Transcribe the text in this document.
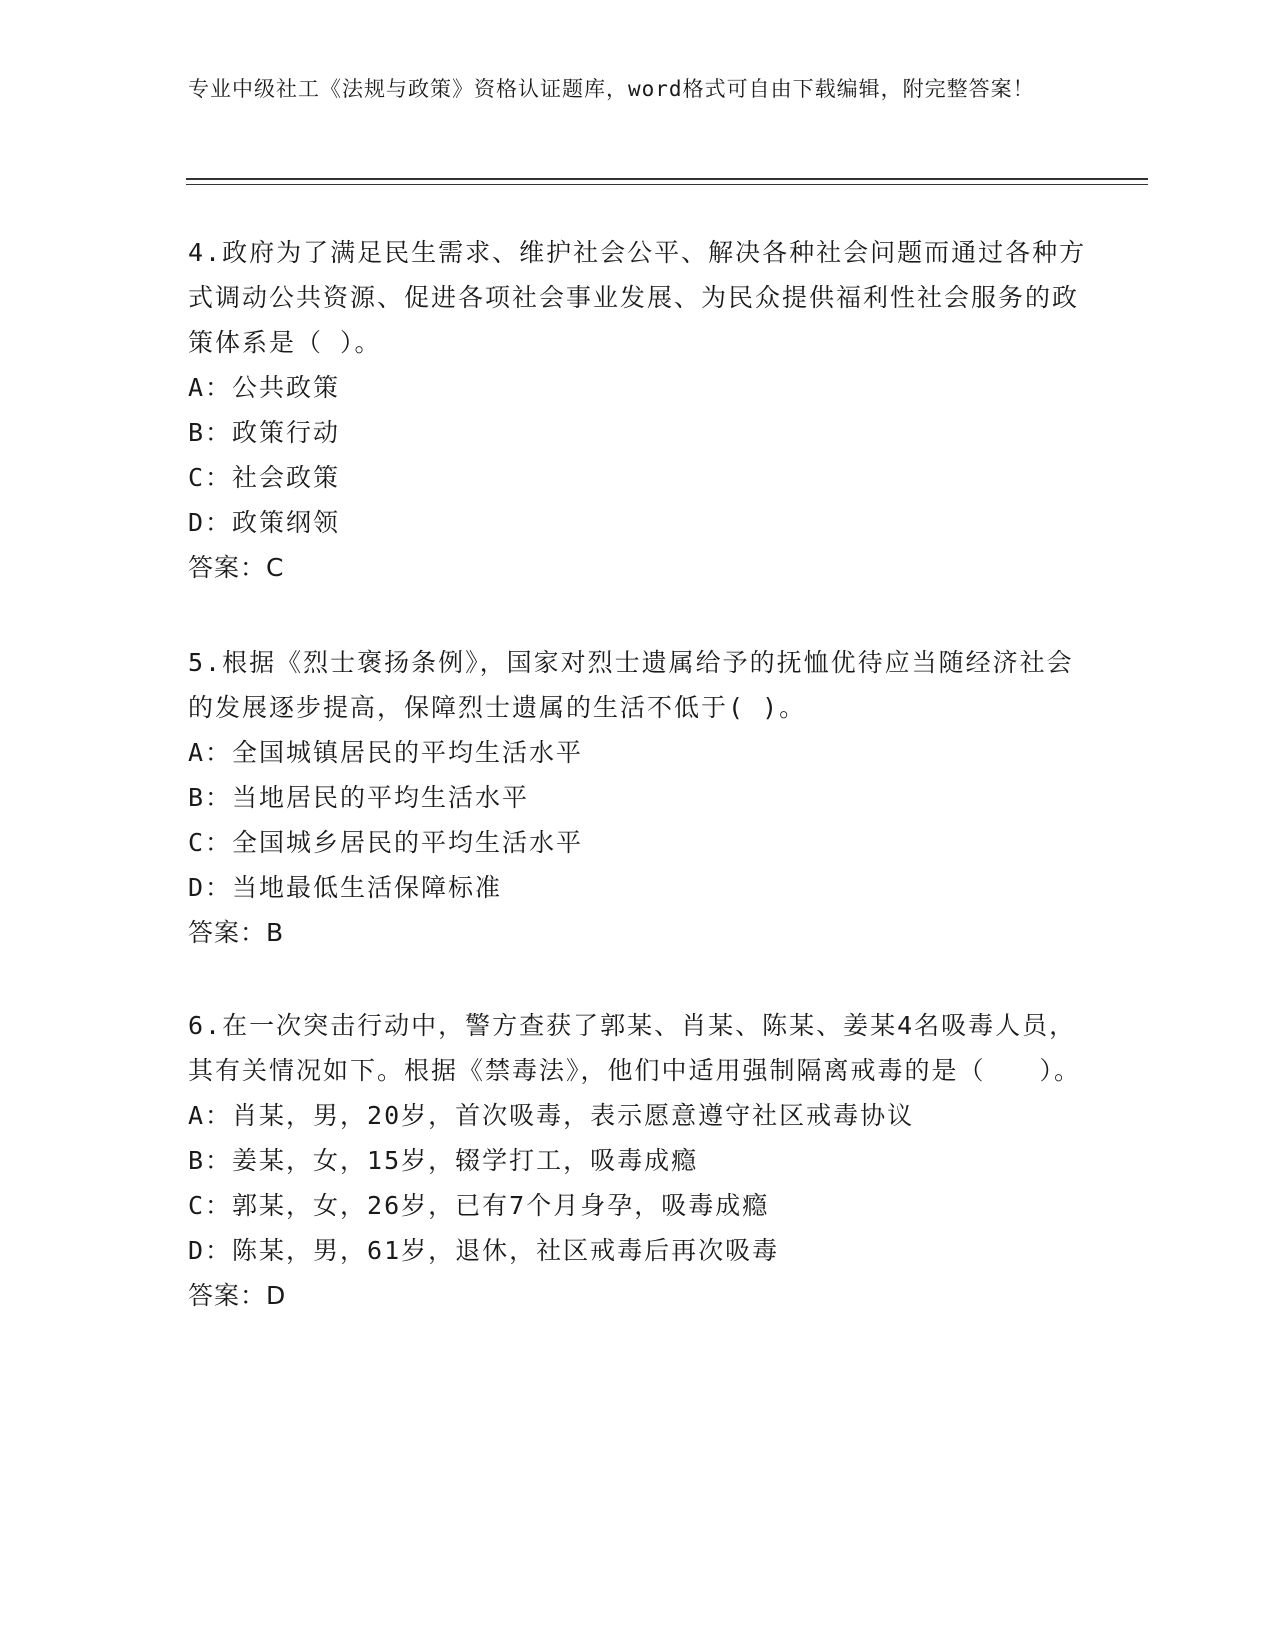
专业中级社工《法规与政策》资格认证题库，word格式可自由下载编辑，附完整答案！

4.政府为了满足民生需求、维护社会公平、解决各种社会问题而通过各种方式调动公共资源、促进各项社会事业发展、为民众提供福利性社会服务的政策体系是（ ）。

A：公共政策

B：政策行动

C：社会政策

D：政策纲领

答案：C

5.根据《烈士褒扬条例》，国家对烈士遗属给予的抚恤优待应当随经济社会的发展逐步提高，保障烈士遗属的生活不低于( )。

A：全国城镇居民的平均生活水平

B：当地居民的平均生活水平

C：全国城乡居民的平均生活水平

D：当地最低生活保障标准

答案：B

6.在一次突击行动中，警方查获了郭某、肖某、陈某、姜某4名吸毒人员，其有关情况如下。根据《禁毒法》，他们中适用强制隔离戒毒的是（　　）。

A：肖某，男，20岁，首次吸毒，表示愿意遵守社区戒毒协议

B：姜某，女，15岁，辍学打工，吸毒成瘾

C：郭某，女，26岁，已有7个月身孕，吸毒成瘾

D：陈某，男，61岁，退休，社区戒毒后再次吸毒

答案：D
